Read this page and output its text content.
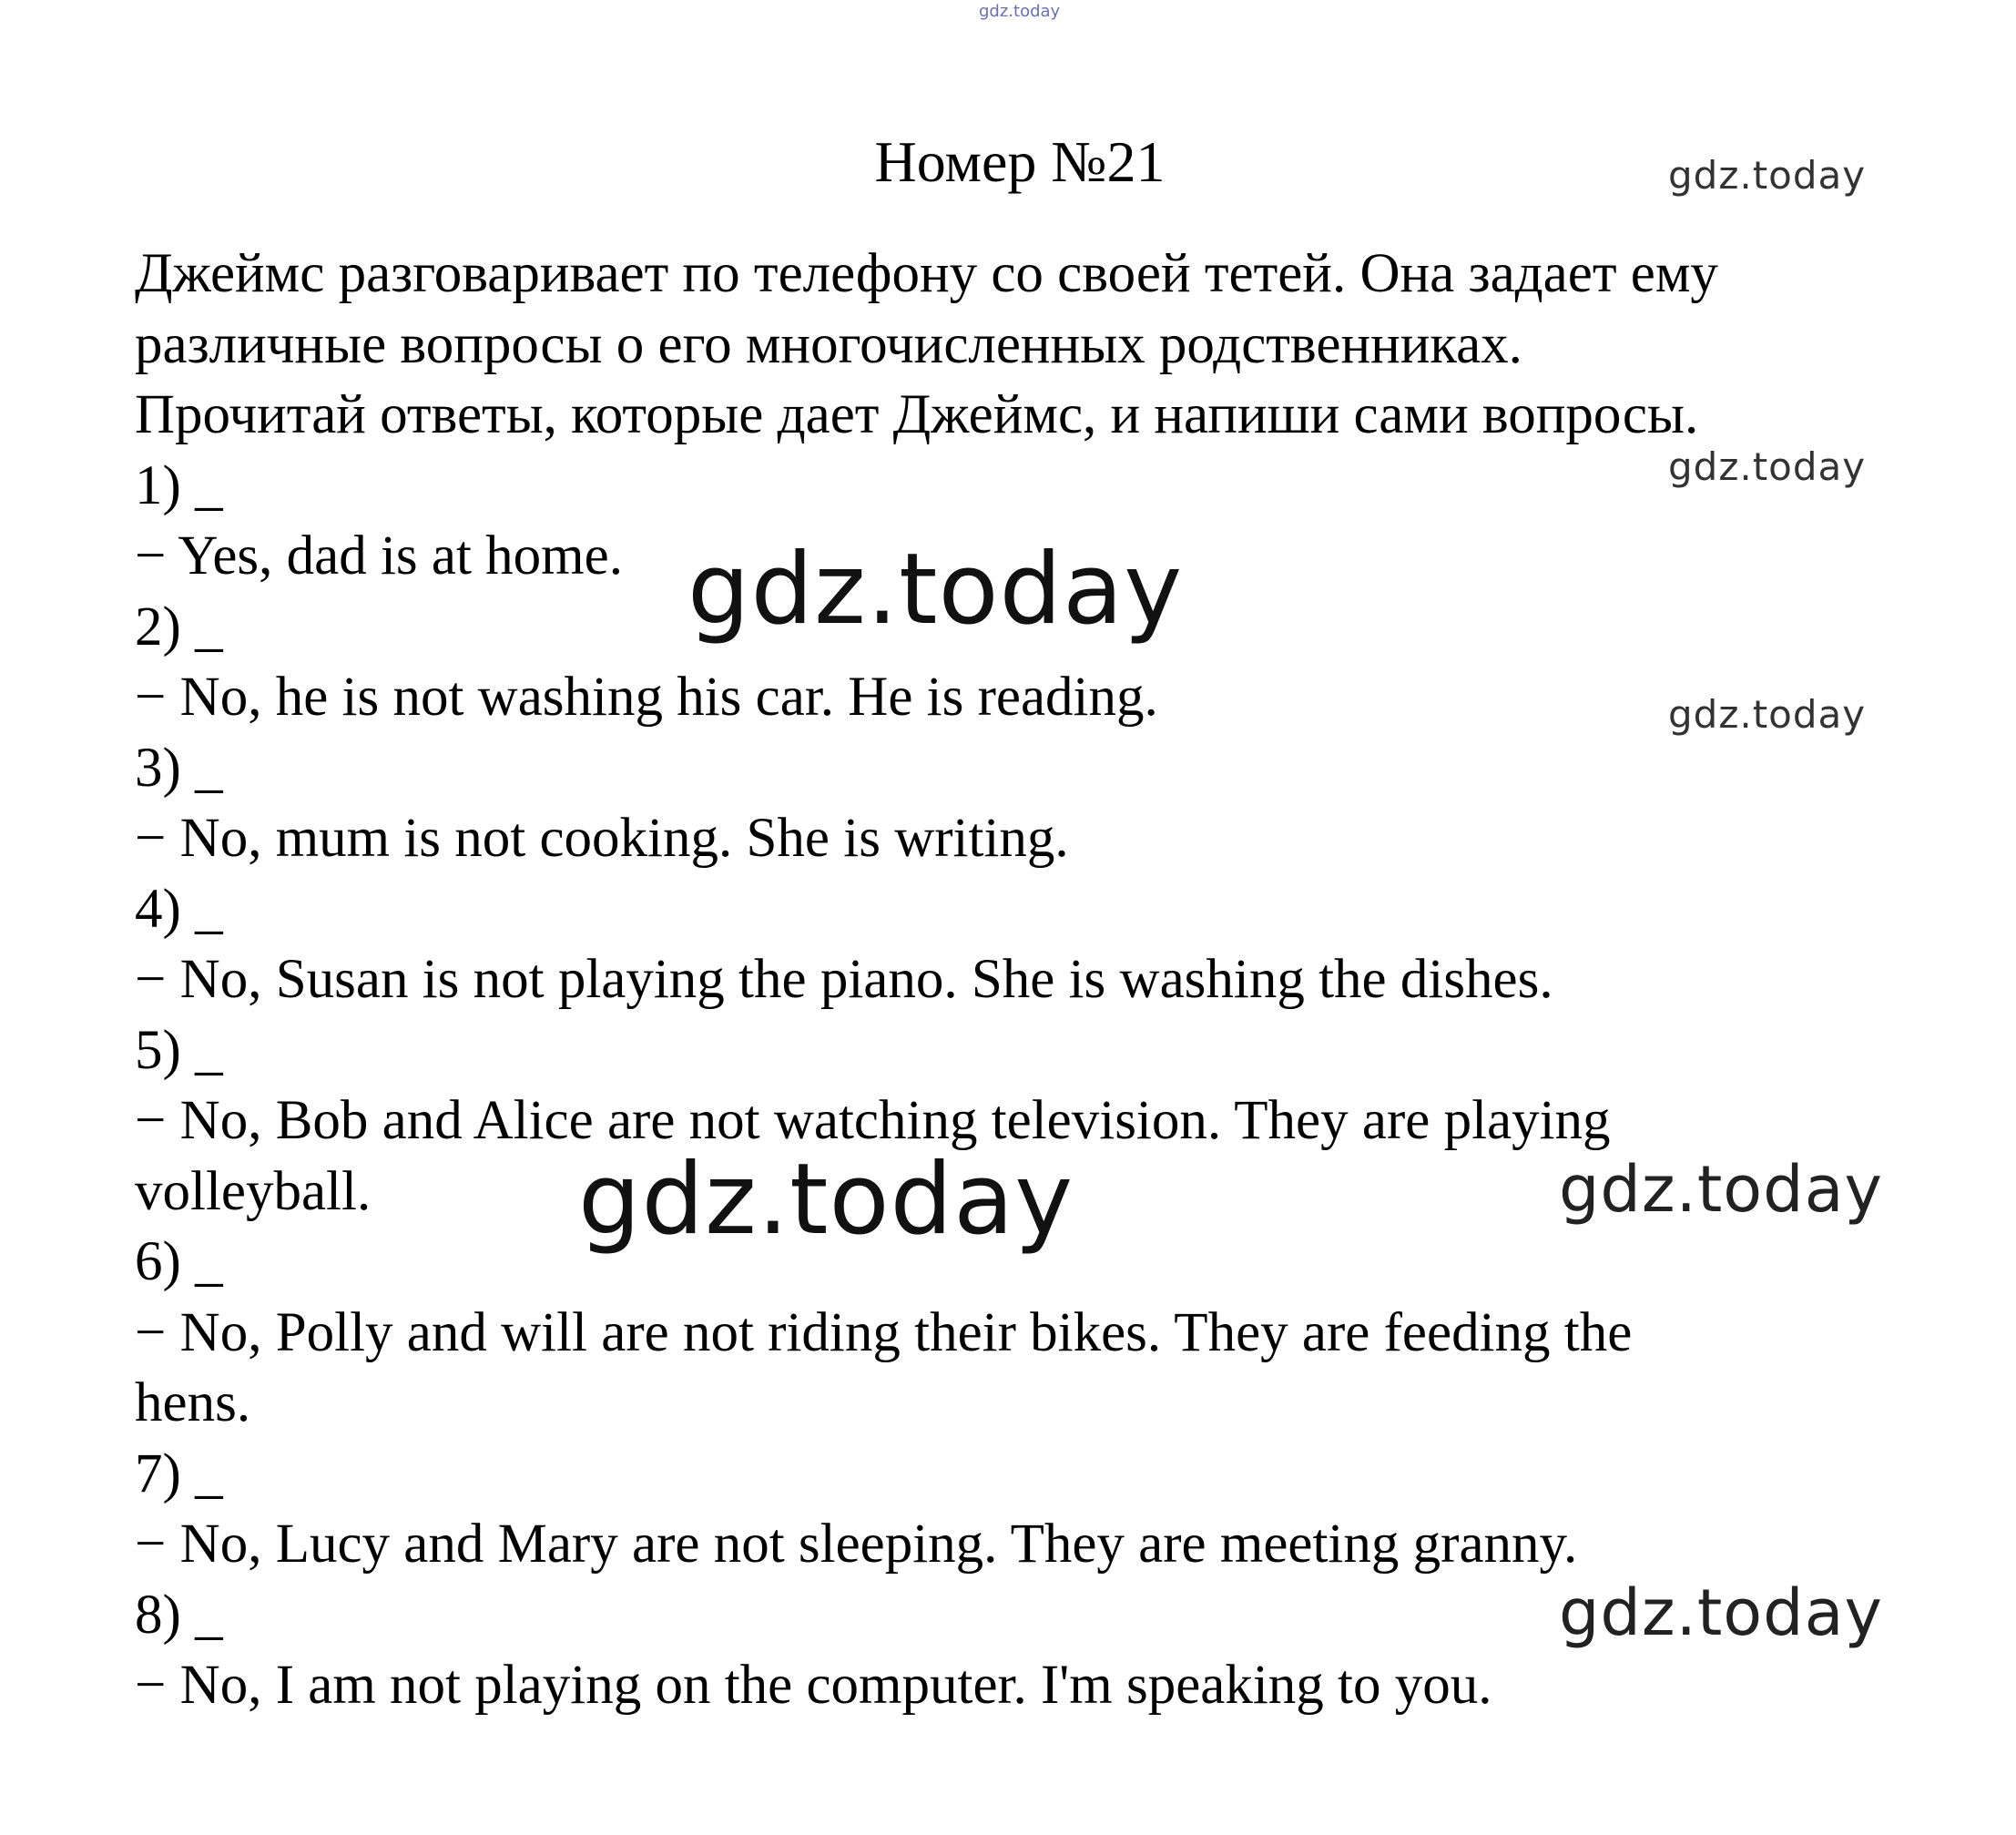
gdz.today
Номер №21
Джеймс разговаривает по телефону со своей тетей. Она задает ему
различные вопросы о его многочисленных родственниках.
Прочитай ответы, которые дает Джеймс, и напиши сами вопросы.
1) _
− Yes, dad is at home.
2) _
− No, he is not washing his car. He is reading.
3) _
− No, mum is not cooking. She is writing.
4) _
− No, Susan is not playing the piano. She is washing the dishes.
5) _
− No, Bob and Alice are not watching television. They are playing
volleyball.
6) _
− No, Polly and will are not riding their bikes. They are feeding the
hens.
7) _
− No, Lucy and Mary are not sleeping. They are meeting granny.
8) _
− No, I am not playing on the computer. I'm speaking to you.
gdz.today
gdz.today
gdz.today
gdz.today
gdz.today	gdz.today
gdz.today
